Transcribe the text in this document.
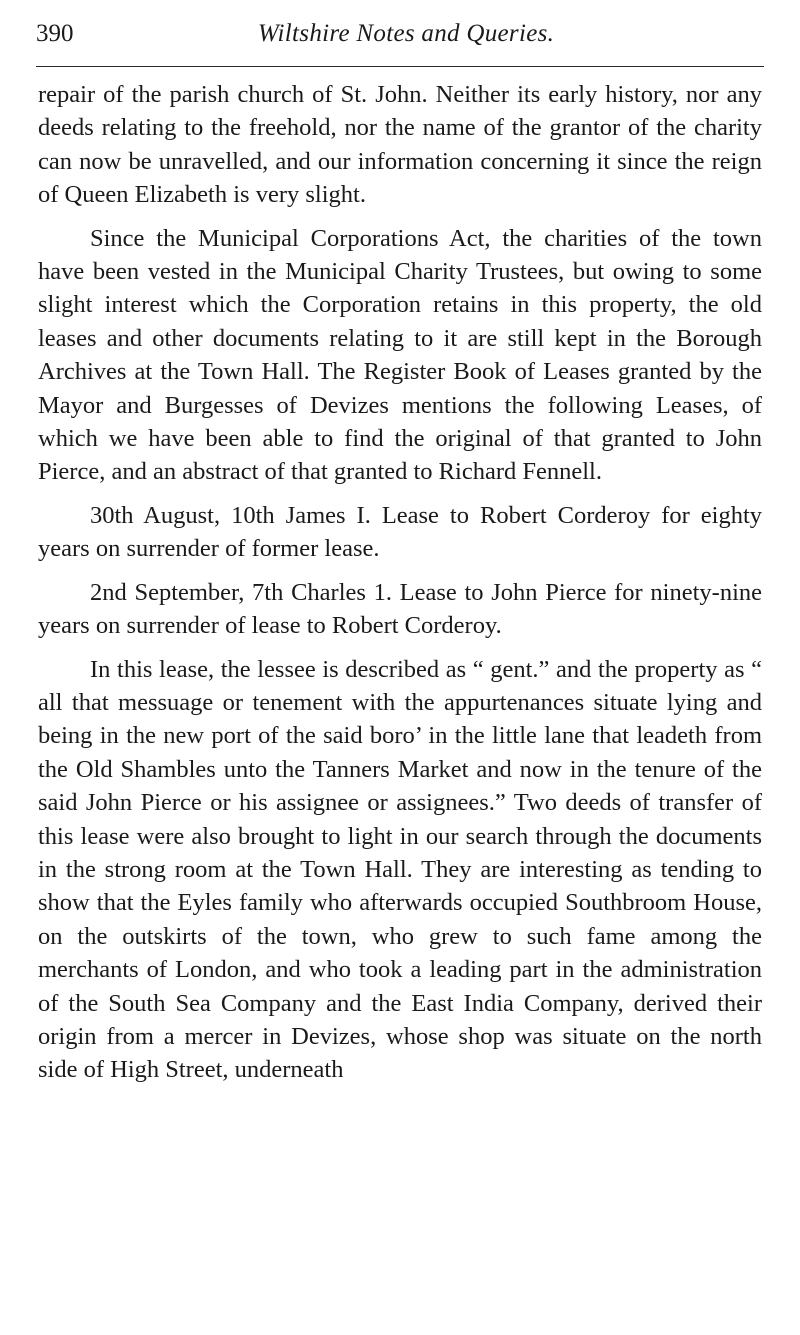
390	Wiltshire Notes and Queries.

repair of the parish church of St. John. Neither its early history, nor any deeds relating to the freehold, nor the name of the grantor of the charity can now be unravelled, and our information concerning it since the reign of Queen Elizabeth is very slight.

Since the Municipal Corporations Act, the charities of the town have been vested in the Municipal Charity Trustees, but owing to some slight interest which the Corporation retains in this property, the old leases and other documents relating to it are still kept in the Borough Archives at the Town Hall. The Register Book of Leases granted by the Mayor and Burgesses of Devizes mentions the following Leases, of which we have been able to find the original of that granted to John Pierce, and an abstract of that granted to Richard Fennell.

30th August, 10th James I. Lease to Robert Corderoy for eighty years on surrender of former lease.

2nd September, 7th Charles 1. Lease to John Pierce for ninety-nine years on surrender of lease to Robert Corderoy.

In this lease, the lessee is described as “ gent.” and the property as “ all that messuage or tenement with the appurtenances situate lying and being in the new port of the said boro’ in the little lane that leadeth from the Old Shambles unto the Tanners Market and now in the tenure of the said John Pierce or his assignee or assignees.” Two deeds of transfer of this lease were also brought to light in our search through the documents in the strong room at the Town Hall. They are interesting as tending to show that the Eyles family who afterwards occupied Southbroom House, on the outskirts of the town, who grew to such fame among the merchants of London, and who took a leading part in the administration of the South Sea Company and the East India Company, derived their origin from a mercer in Devizes, whose shop was situate on the north side of High Street, underneath
